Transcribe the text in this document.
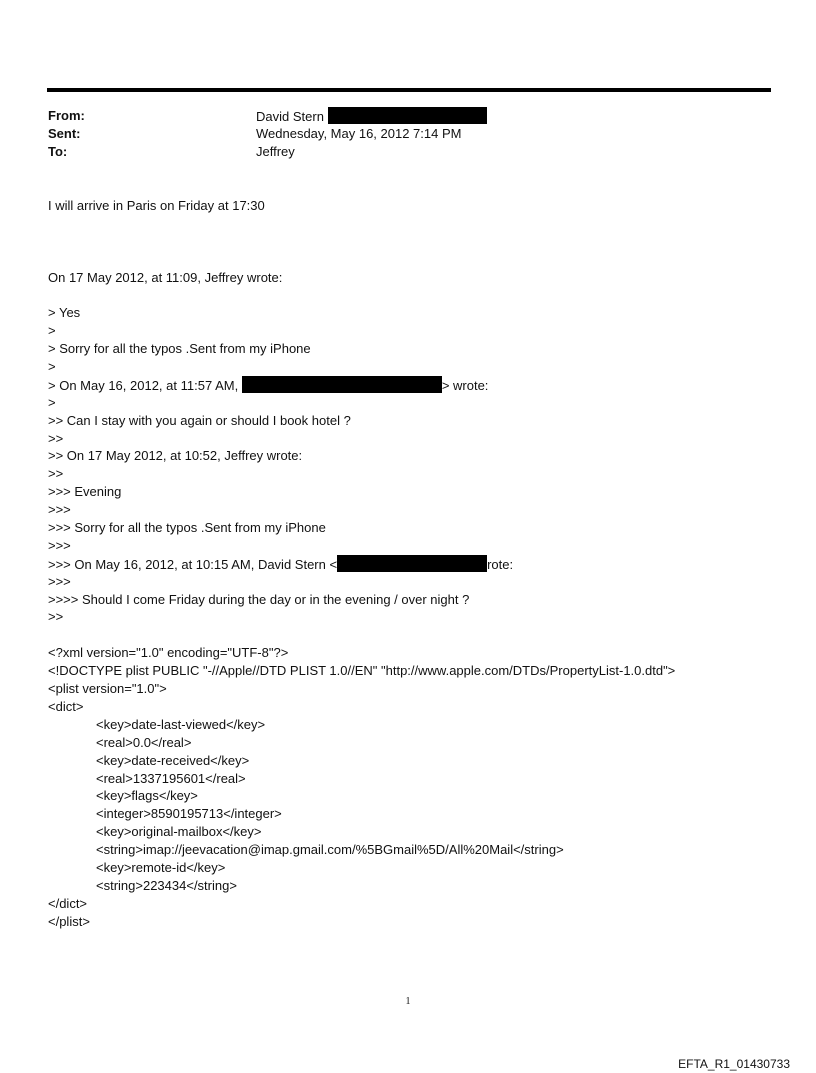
From:	David Stern
Sent:	Wednesday, May 16, 2012 7:14 PM
To:	Jeffrey
I will arrive in Paris on Friday at 17:30
On 17 May 2012, at 11:09, Jeffrey wrote:
> Yes
>
> Sorry for all the typos .Sent from my iPhone
>
> On May 16, 2012, at 11:57 AM,	> wrote:
>
>> Can I stay with you again or should I book hotel ?
>>
>> On 17 May 2012, at 10:52, Jeffrey wrote:
>>
>>> Evening
>>>
>>> Sorry for all the typos .Sent from my iPhone
>>>
>>> On May 16, 2012, at 10:15 AM, David Stern <	rote:
>>>
>>>> Should I come Friday during the day or in the evening / over night ?
>>
<?xml version="1.0" encoding="UTF-8"?>
<!DOCTYPE plist PUBLIC "-//Apple//DTD PLIST 1.0//EN" "http://www.apple.com/DTDs/PropertyList-1.0.dtd">
<plist version="1.0">
<dict>
<key>date-last-viewed</key>
<real>0.0</real>
<key>date-received</key>
<real>1337195601</real>
<key>flags</key>
<integer>8590195713</integer>
<key>original-mailbox</key>
<string>imap://jeevacation@imap.gmail.com/%5BGmail%5D/All%20Mail</string>
<key>remote-id</key>
<string>223434</string>
</dict>
</plist>
1
EFTA_R1_01430733
